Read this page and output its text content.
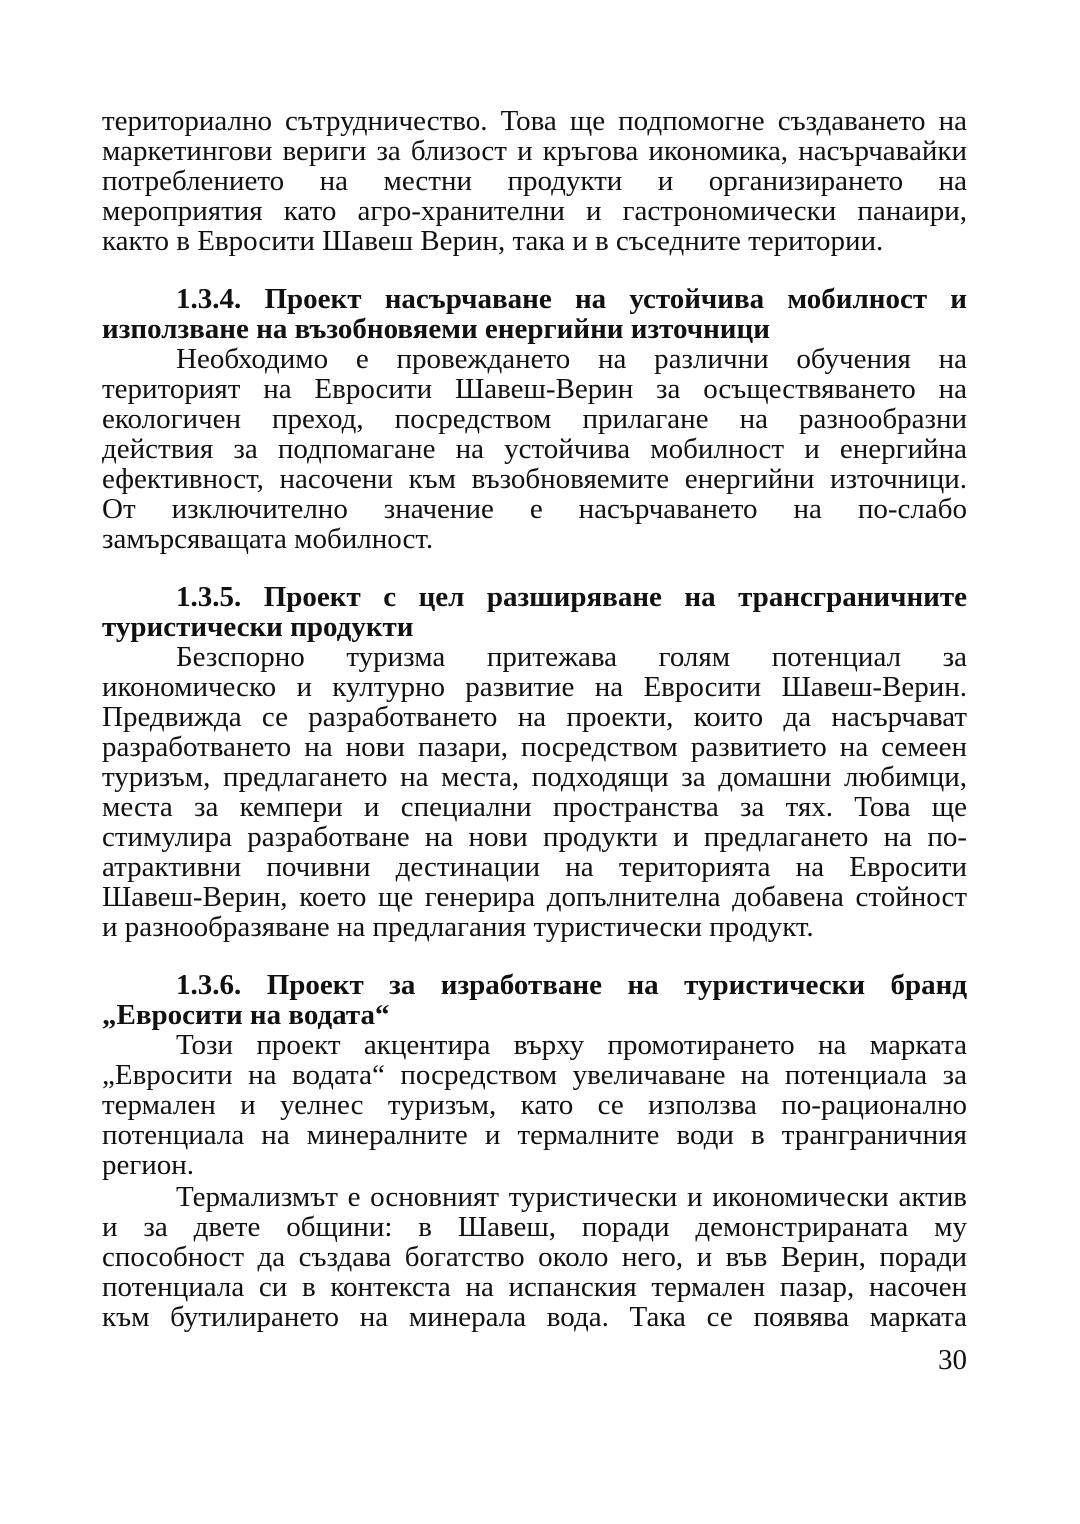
териториално сътрудничество. Това ще подпомогне създаването на
маркетингови вериги за близост и кръгова икономика, насърчавайки
потреблението на местни продукти и организирането на
мероприятия като агро-хранителни и гастрономически панаири,
както в Евросити Шавеш Верин, така и в съседните територии.
1.3.4. Проект насърчаване на устойчива мобилност и
използване на възобновяеми енергийни източници
Необходимо е провеждането на различни обучения на
територият на Евросити Шавеш-Верин за осъществяването на
екологичен преход, посредством прилагане на разнообразни
действия за подпомагане на устойчива мобилност и енергийна
ефективност, насочени към възобновяемите енергийни източници.
От изключително значение е насърчаването на по-слабо
замърсяващата мобилност.
1.3.5. Проект с цел разширяване на трансграничните
туристически продукти
Безспорно туризма притежава голям потенциал за
икономическо и културно развитие на Евросити Шавеш-Верин.
Предвижда се разработването на проекти, които да насърчават
разработването на нови пазари, посредством развитието на семеен
туризъм, предлагането на места, подходящи за домашни любимци,
места за кемпери и специални пространства за тях. Това ще
стимулира разработване на нови продукти и предлагането на по-
атрактивни почивни дестинации на територията на Евросити
Шавеш-Верин, което ще генерира допълнителна добавена стойност
и разнообразяване на предлагания туристически продукт.
1.3.6. Проект за изработване на туристически бранд
„Евросити на водата“
Този проект акцентира върху промотирането на марката
„Евросити на водата“ посредством увеличаване на потенциала за
термален и уелнес туризъм, като се използва по-рационално
потенциала на минералните и термалните води в транграничния
регион.
Термализмът е основният туристически и икономически актив
и за двете общини: в Шавеш, поради демонстрираната му
способност да създава богатство около него, и във Верин, поради
потенциала си в контекста на испанския термален пазар, насочен
към бутилирането на минерала вода. Така се появява марката
30
